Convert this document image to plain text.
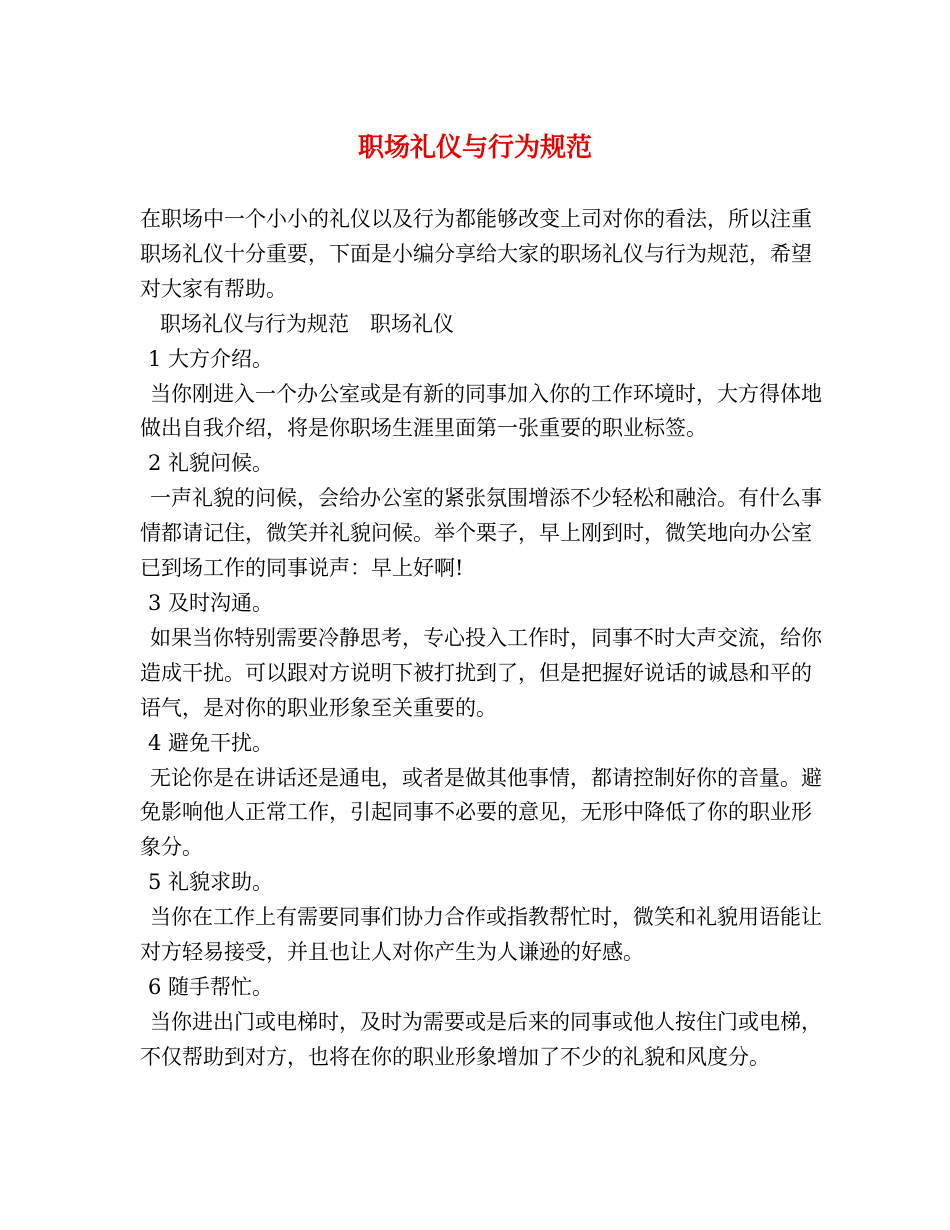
职场礼仪与行为规范

在职场中一个小小的礼仪以及行为都能够改变上司对你的看法，所以注重职场礼仪十分重要，下面是小编分享给大家的职场礼仪与行为规范，希望对大家有帮助。

职场礼仪与行为规范　职场礼仪

1 大方介绍。

当你刚进入一个办公室或是有新的同事加入你的工作环境时，大方得体地做出自我介绍，将是你职场生涯里面第一张重要的职业标签。

2 礼貌问候。

一声礼貌的问候，会给办公室的紧张氛围增添不少轻松和融洽。有什么事情都请记住，微笑并礼貌问候。举个栗子，早上刚到时，微笑地向办公室已到场工作的同事说声：早上好啊!

3 及时沟通。

如果当你特别需要冷静思考，专心投入工作时，同事不时大声交流，给你造成干扰。可以跟对方说明下被打扰到了，但是把握好说话的诚恳和平的语气，是对你的职业形象至关重要的。

4 避免干扰。

无论你是在讲话还是通电，或者是做其他事情，都请控制好你的音量。避免影响他人正常工作，引起同事不必要的意见，无形中降低了你的职业形象分。

5 礼貌求助。

当你在工作上有需要同事们协力合作或指教帮忙时，微笑和礼貌用语能让对方轻易接受，并且也让人对你产生为人谦逊的好感。

6 随手帮忙。

当你进出门或电梯时，及时为需要或是后来的同事或他人按住门或电梯，不仅帮助到对方，也将在你的职业形象增加了不少的礼貌和风度分。
